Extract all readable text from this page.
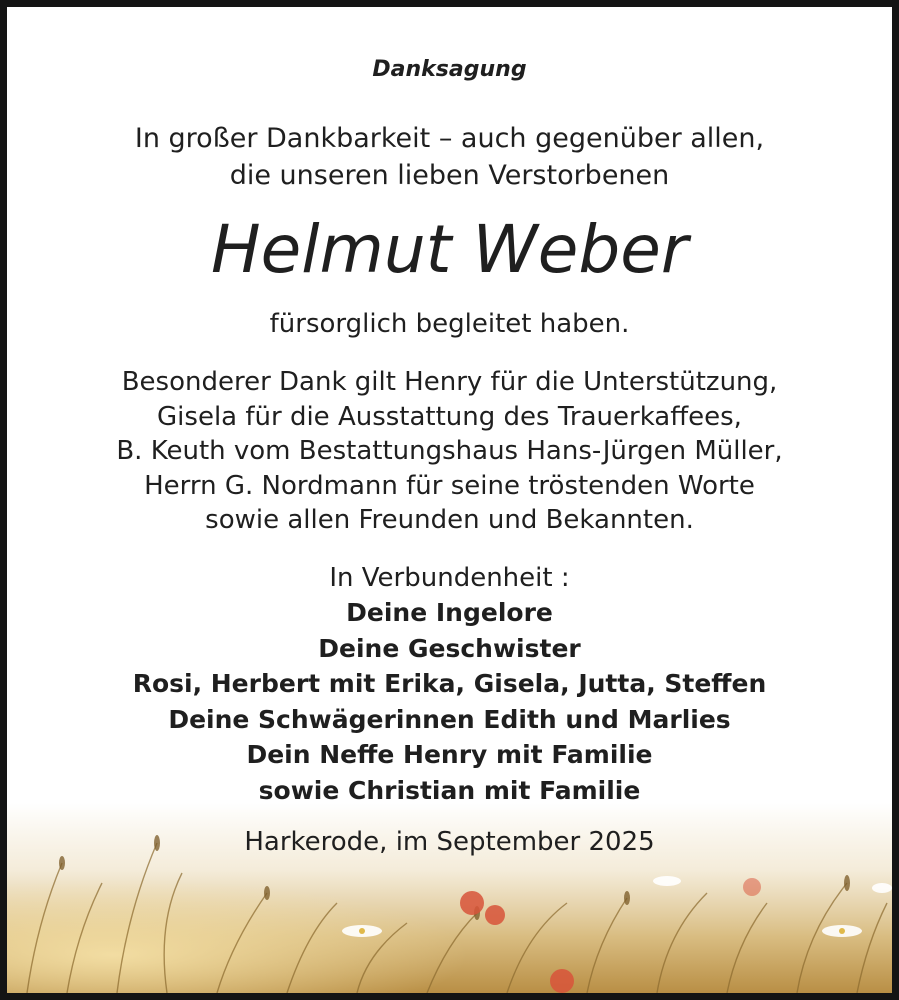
Danksagung
In großer Dankbarkeit – auch gegenüber allen,
die unseren lieben Verstorbenen
Helmut Weber
fürsorglich begleitet haben.
Besonderer Dank gilt Henry für die Unterstützung,
Gisela für die Ausstattung des Trauerkaffees,
B. Keuth vom Bestattungshaus Hans-Jürgen Müller,
Herrn G. Nordmann für seine tröstenden Worte
sowie allen Freunden und Bekannten.
In Verbundenheit :
Deine Ingelore
Deine Geschwister
Rosi, Herbert mit Erika, Gisela, Jutta, Steffen
Deine Schwägerinnen Edith und Marlies
Dein Neffe Henry mit Familie
sowie Christian mit Familie
Harkerode, im September 2025
